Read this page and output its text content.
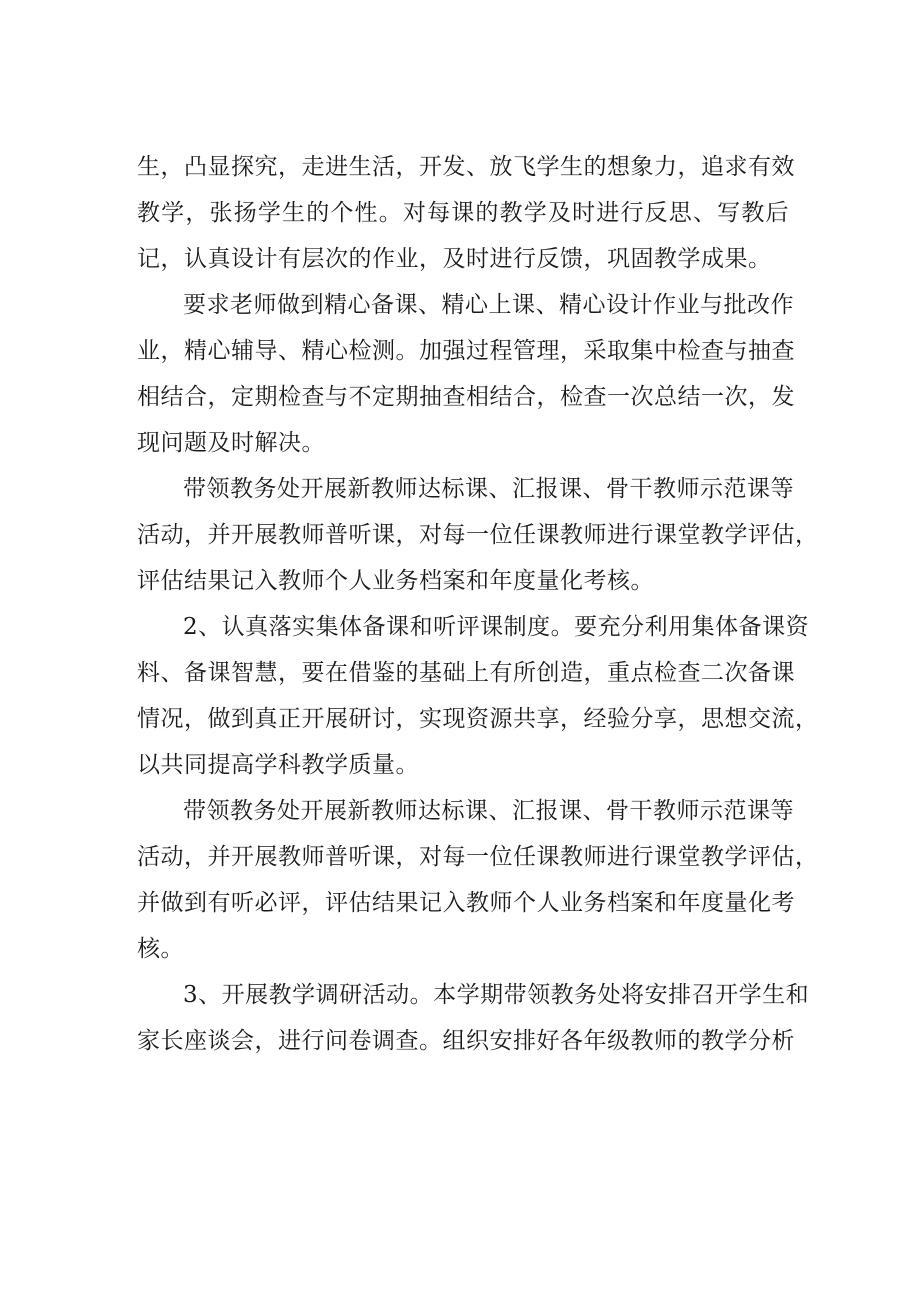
生，凸显探究，走进生活，开发、放飞学生的想象力，追求有效
教学，张扬学生的个性。对每课的教学及时进行反思、写教后
记，认真设计有层次的作业，及时进行反馈，巩固教学成果。
要求老师做到精心备课、精心上课、精心设计作业与批改作
业，精心辅导、精心检测。加强过程管理，采取集中检查与抽查
相结合，定期检查与不定期抽查相结合，检查一次总结一次，发
现问题及时解决。
带领教务处开展新教师达标课、汇报课、骨干教师示范课等
活动，并开展教师普听课，对每一位任课教师进行课堂教学评估，
评估结果记入教师个人业务档案和年度量化考核。
2、认真落实集体备课和听评课制度。要充分利用集体备课资
料、备课智慧，要在借鉴的基础上有所创造，重点检查二次备课
情况，做到真正开展研讨，实现资源共享，经验分享，思想交流，
以共同提高学科教学质量。
带领教务处开展新教师达标课、汇报课、骨干教师示范课等
活动，并开展教师普听课，对每一位任课教师进行课堂教学评估，
并做到有听必评，评估结果记入教师个人业务档案和年度量化考
核。
3、开展教学调研活动。本学期带领教务处将安排召开学生和
家长座谈会，进行问卷调查。组织安排好各年级教师的教学分析
